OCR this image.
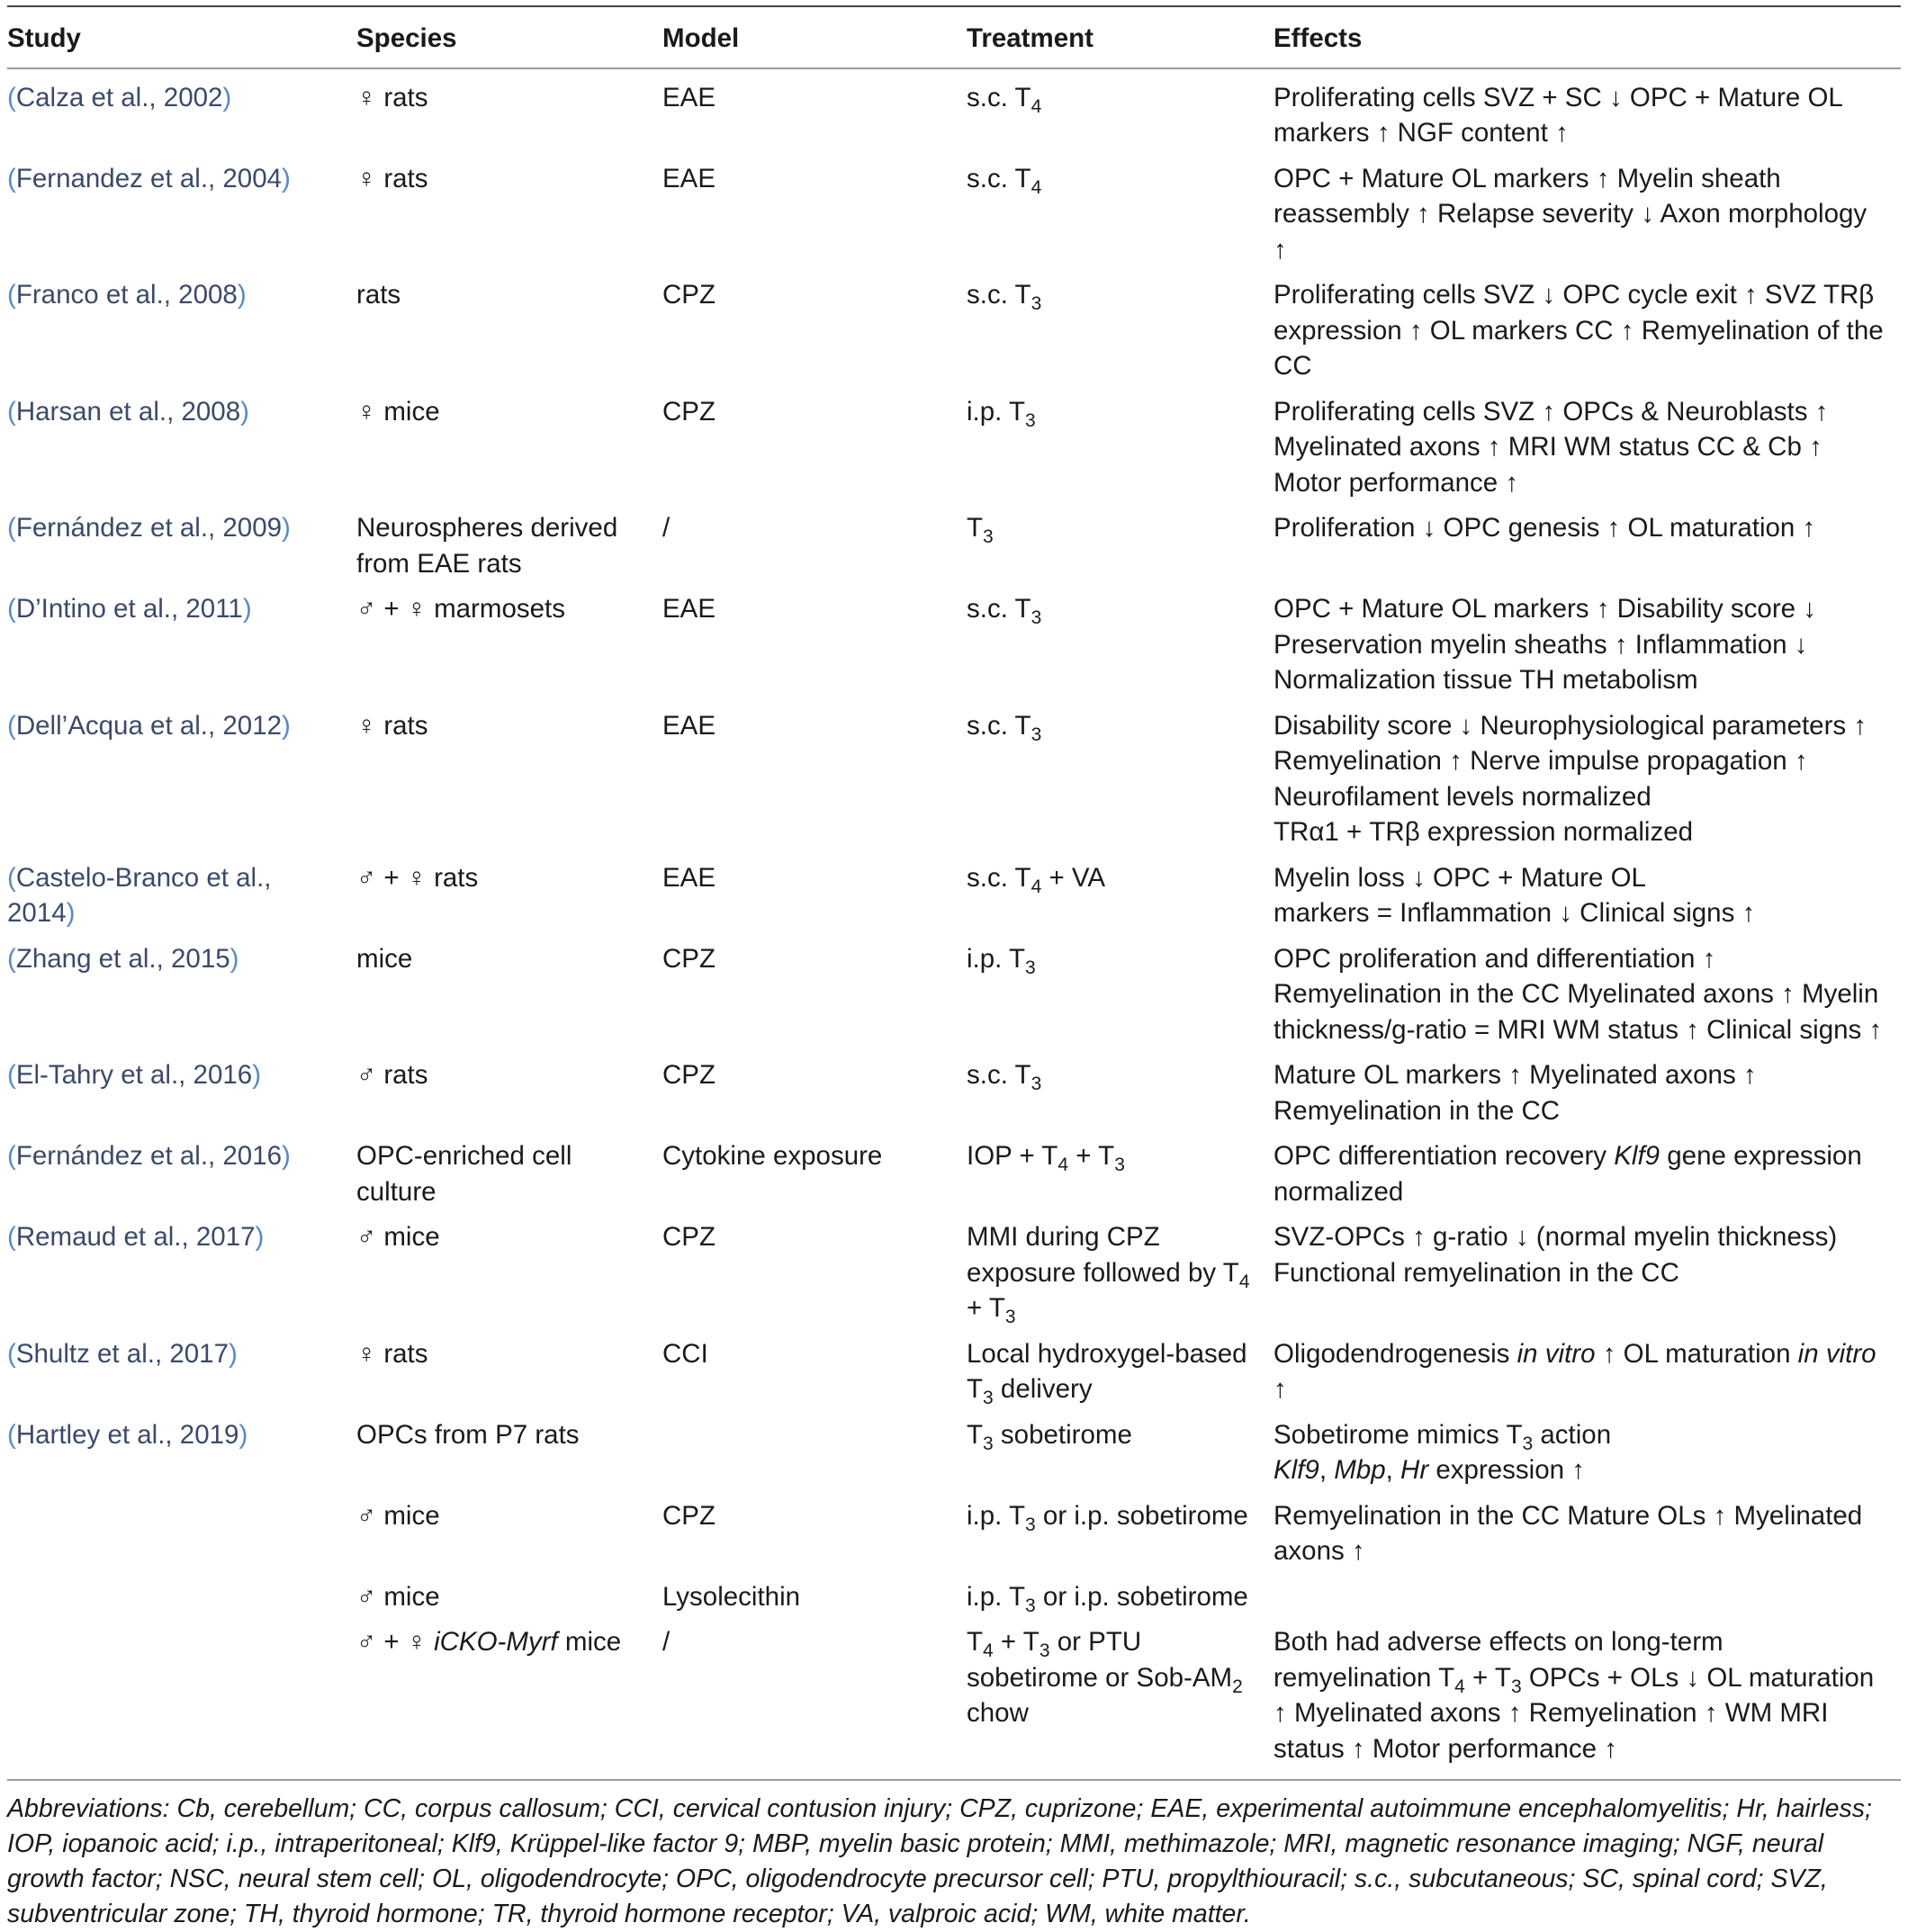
Study	Species	Model	Treatment	Effects
(Calza et al., 2002)	♀ rats	EAE	s.c. $T_4$	Proliferating cells SVZ + SC ↓ OPC + Mature OL markers ↑ NGF content ↑
(Fernandez et al., 2004)	♀ rats	EAE	s.c. $T_4$	OPC + Mature OL markers ↑ Myelin sheath reassembly ↑ Relapse severity ↓ Axon morphology ↑
(Franco et al., 2008)	rats	CPZ	s.c. $T_3$	Proliferating cells SVZ ↓ OPC cycle exit ↑ SVZ TRβ expression ↑ OL markers CC ↑ Remyelination of the CC
(Harsan et al., 2008)	♀ mice	CPZ	i.p. $T_3$	Proliferating cells SVZ ↑ OPCs & Neuroblasts ↑ Myelinated axons ↑ MRI WM status CC & Cb ↑ Motor performance ↑
(Fernández et al., 2009)	Neurospheres derived from EAE rats	/	$T_3$	Proliferation ↓ OPC genesis ↑ OL maturation ↑
(D’Intino et al., 2011)	♂ + ♀ marmosets	EAE	s.c. $T_3$	OPC + Mature OL markers ↑ Disability score ↓ Preservation myelin sheaths ↑ Inflammation ↓ Normalization tissue TH metabolism
(Dell’Acqua et al., 2012)	♀ rats	EAE	s.c. $T_3$	Disability score ↓ Neurophysiological parameters ↑
Remyelination ↑ Nerve impulse propagation ↑
Neurofilament levels normalized
TRα1 + TRβ expression normalized
(Castelo-Branco et al., 2014)	♂ + ♀ rats	EAE	s.c. $T_4$ + VA	Myelin loss ↓ OPC + Mature OL
markers = Inflammation ↓ Clinical signs ↑
(Zhang et al., 2015)	mice	CPZ	i.p. $T_3$	OPC proliferation and differentiation ↑ Remyelination in the CC Myelinated axons ↑ Myelin
thickness/g-ratio = MRI WM status ↑ Clinical signs ↑
(El-Tahry et al., 2016)	♂ rats	CPZ	s.c. $T_3$	Mature OL markers ↑ Myelinated axons ↑ Remyelination in the CC
(Fernández et al., 2016)	OPC-enriched cell culture	Cytokine exposure	IOP + $T_4 + T_3$	OPC differentiation recovery Klf9 gene expression normalized
(Remaud et al., 2017)	♂ mice	CPZ	MMI during CPZ exposure followed by $T_4 + T_3$	SVZ-OPCs ↑ g-ratio ↓ (normal myelin thickness)
Functional remyelination in the CC
(Shultz et al., 2017)	♀ rats	CCI	Local hydroxygel-based $T_3$ delivery	Oligodendrogenesis in vitro ↑ OL maturation in vitro ↑
(Hartley et al., 2019)	OPCs from P7 rats		$T_3$ sobetirome	Sobetirome mimics $T_3$ action
Klf9, Mbp, Hr expression ↑
	♂ mice	CPZ	i.p. $T_3$ or i.p. sobetirome	Remyelination in the CC Mature OLs ↑ Myelinated axons ↑
	♂ mice	Lysolecithin	i.p. $T_3$ or i.p. sobetirome	
	♂ + ♀ iCKO-Myrf mice	/	$T_4 + T_3$ or PTU sobetirome or Sob-$AM_2$ chow	Both had adverse effects on long-term remyelination $T_4 + T_3$ OPCs + OLs ↓ OL maturation ↑ Myelinated axons ↑ Remyelination ↑ WM MRI status ↑ Motor performance ↑
Abbreviations: Cb, cerebellum; CC, corpus callosum; CCI, cervical contusion injury; CPZ, cuprizone; EAE, experimental autoimmune encephalomyelitis; Hr, hairless; IOP, iopanoic acid; i.p., intraperitoneal; Klf9, Krüppel-like factor 9; MBP, myelin basic protein; MMI, methimazole; MRI, magnetic resonance imaging; NGF, neural growth factor; NSC, neural stem cell; OL, oligodendrocyte; OPC, oligodendrocyte precursor cell; PTU, propylthiouracil; s.c., subcutaneous; SC, spinal cord; SVZ, subventricular zone; TH, thyroid hormone; TR, thyroid hormone receptor; VA, valproic acid; WM, white matter.
